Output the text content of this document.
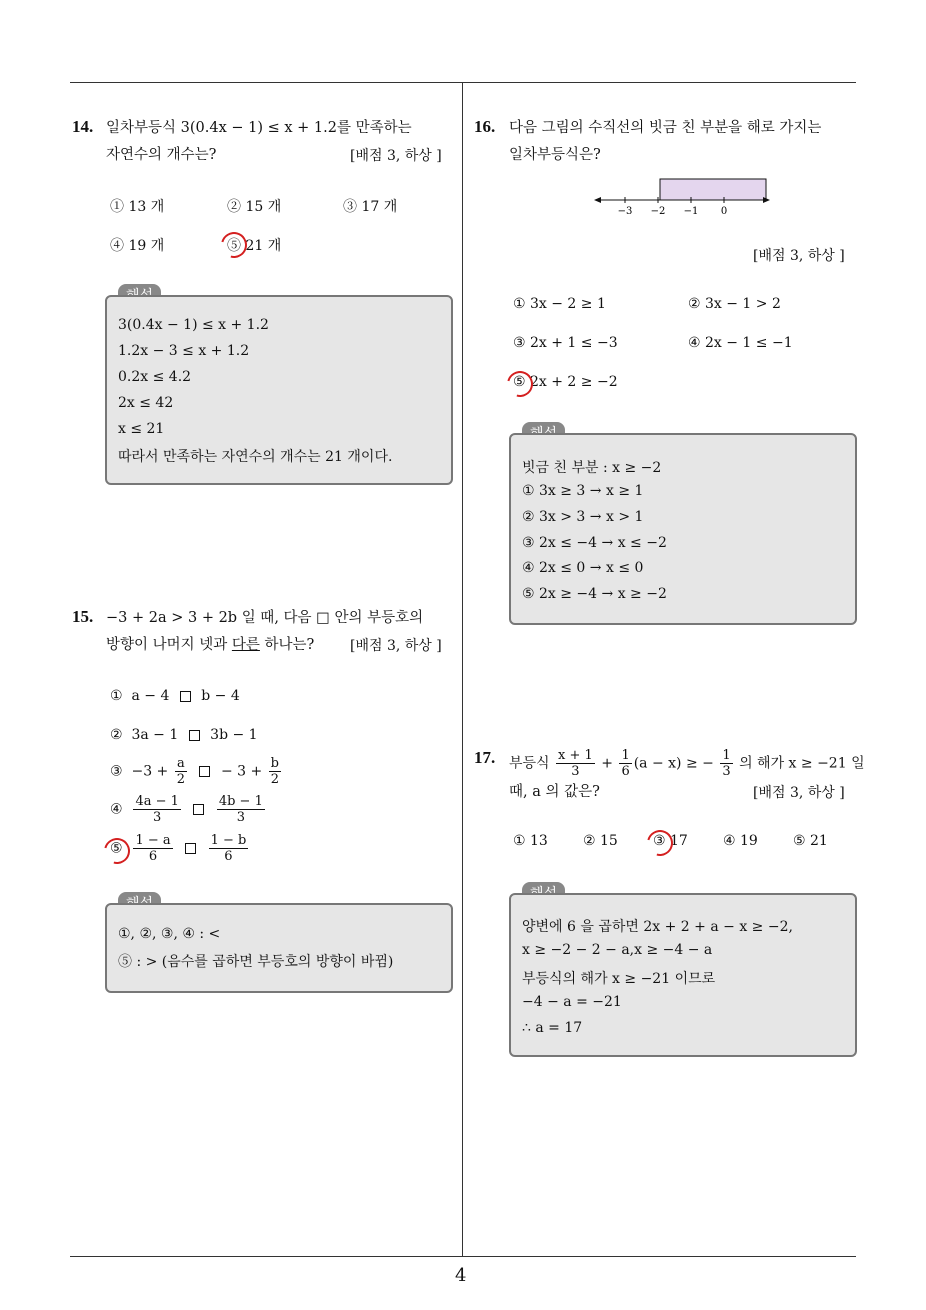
4
14. 일차부등식 3(0.4x − 1) ≤ x + 1.2를 만족하는
자연수의 개수는?	[배점 3, 하상 ]
① 13 개	② 15 개	③ 17 개
④ 19 개	⑤ 21 개
3(0.4x − 1) ≤ x + 1.2
1.2x − 3 ≤ x + 1.2
0.2x ≤ 4.2
2x ≤ 42
x ≤ 21
따라서 만족하는 자연수의 개수는 21 개이다.
15. −3 + 2a > 3 + 2b 일 때, 다음 □ 안의 부등호의
방향이 나머지 넷과 다른 하나는?	[배점 3, 하상 ]
① a − 4 b − 4
② 3a − 1 3b − 1
③ $-3 + \frac{a}{2} - 3 + \frac{b}{2}$
④ $\frac{4a - 1}{3}$
	$\frac{4b - 1}{3}$
⑤ $\frac{1 - a}{6}$
	$\frac{1 - b}{6}$
①, ②, ③, ④ : <
⑤ : > (음수를 곱하면 부등호의 방향이 바뀜)
16. 다음 그림의 수직선의 빗금 친 부분을 해로 가지는
일차부등식은?
−3 −2 −1 0
[배점 3, 하상 ]
① 3x − 2 ≥ 1	② 3x − 1 > 2
③ 2x + 1 ≤ −3	④ 2x − 1 ≤ −1
⑤ 2x + 2 ≥ −2
빗금 친 부분 : x ≥ −2
① 3x ≥ 3 → x ≥ 1
② 3x > 3 → x > 1
③ 2x ≤ −4 → x ≤ −2
④ 2x ≤ 0 → x ≤ 0
⑤ 2x ≥ −4 → x ≥ −2
17. 부등식 $\frac{x + 1}{3} + \frac{1}{6} (a - x)$ ≥ − $\frac{1}{3}$ 의 해가 x ≥ −21 일
때, a 의 값은?	[배점 3, 하상 ]
① 13	② 15	③ 17	④ 19	⑤ 21
양변에 6 을 곱하면 2x + 2 + a − x ≥ −2,
x ≥ −2 − 2 − a,x ≥ −4 − a
부등식의 해가 x ≥ −21 이므로
−4 − a = −21
∴ a = 17
